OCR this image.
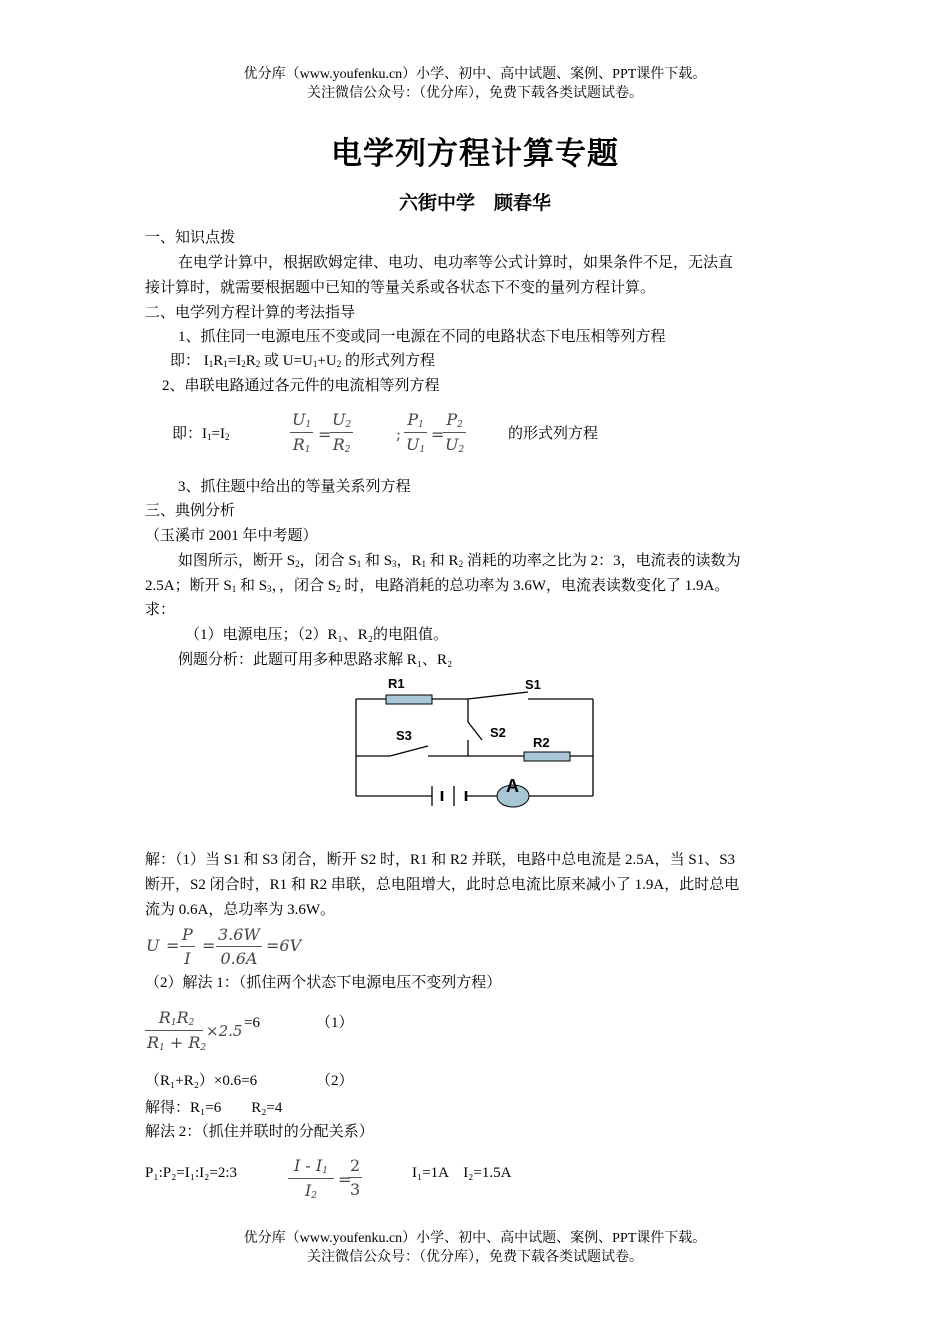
优分库（www.youfenku.cn）小学、初中、高中试题、案例、PPT课件下载。
关注微信公众号：（优分库），免费下载各类试题试卷。
电学列方程计算专题
六街中学　顾春华
一、知识点拨
在电学计算中，根据欧姆定律、电功、电功率等公式计算时，如果条件不足，无法直
接计算时，就需要根据题中已知的等量关系或各状态下不变的量列方程计算。
二、电学列方程计算的考法指导
1、抓住同一电源电压不变或同一电源在不同的电路状态下电压相等列方程
即： $I_1R_1=I_2R_2$ 或 $U=U_1+U_2$ 的形式列方程
2、串联电路通过各元件的电流相等列方程
即：$I_1=I_2$
$U_1$
$R_1$
=
$U_2$
$R_2$
;
$P_1$
$U_1$
=
$P_2$
$U_2$
的形式列方程
3、抓住题中给出的等量关系列方程
三、典例分析
（玉溪市 2001 年中考题）
如图所示，断开 $S_2$，闭合 $S_1$ 和 $S_3$，$R_1$ 和 $R_2$ 消耗的功率之比为 2：3，电流表的读数为
2.5A；断开 $S_1$ 和 $S_3$，，闭合 $S_2$ 时，电路消耗的总功率为 3.6W，电流表读数变化了 1.9A。
求：
（1）电源电压；（2）R₁、R₂的电阻值。
例题分析：此题可用多种思路求解 R₁、R₂
R1	S1
S3	S2
R2
A
解：（1）当 S1 和 S3 闭合，断开 S2 时，R1 和 R2 并联，电路中总电流是 2.5A，当 S1、S3
断开，S2 闭合时，R1 和 R2 串联，总电阻增大，此时总电流比原来减小了 1.9A，此时总电
流为 0.6A，总功率为 3.6W。
U =
P
I
=
3.6W
0.6A
=6V
（2）解法 1：（抓住两个状态下电源电压不变列方程）
$R_1R_2$
$R_1 + R_2$
×2.5 =6	（1）
（R₁+R₂）×0.6=6	（2）
解得：R₁=6　　R₂=4
解法 2：（抓住并联时的分配关系）
P₁:P₂=I₁:I₂=2:3	I - $I_1$
$I_2$
=
2
3
I₁=1A　I₂=1.5A
优分库（www.youfenku.cn）小学、初中、高中试题、案例、PPT课件下载。
关注微信公众号：（优分库），免费下载各类试题试卷。
